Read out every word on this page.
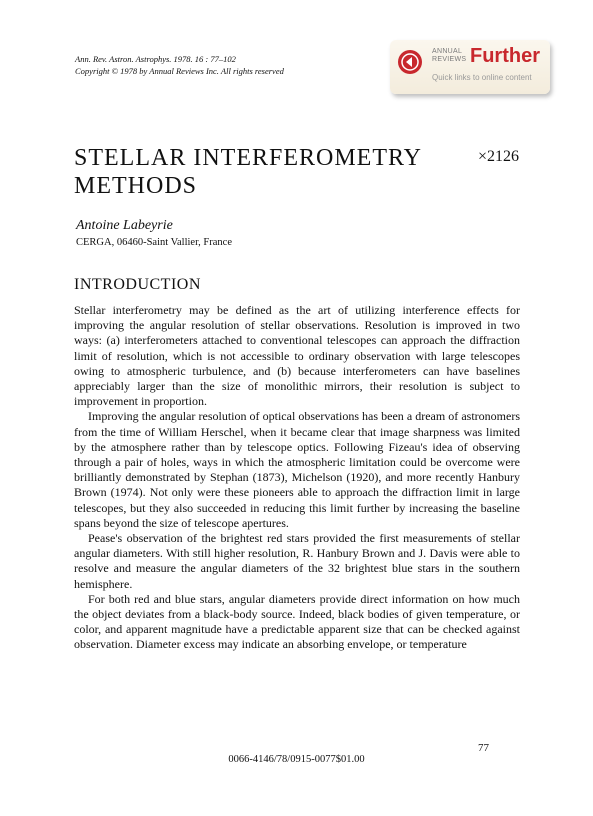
Ann. Rev. Astron. Astrophys. 1978. 16 : 77–102
Copyright © 1978 by Annual Reviews Inc. All rights reserved
ANNUAL
REVIEWS Further
Quick links to online content
STELLAR INTERFEROMETRY METHODS
×2126
Antoine Labeyrie
CERGA, 06460-Saint Vallier, France
INTRODUCTION

Stellar interferometry may be defined as the art of utilizing interference effects for improving the angular resolution of stellar observations. Resolution is improved in two ways: (a) interferometers attached to conventional telescopes can approach the diffraction limit of resolution, which is not accessible to ordinary observation with large telescopes owing to atmospheric turbulence, and (b) because interferometers can have baselines appreciably larger than the size of monolithic mirrors, their resolution is subject to improvement in proportion.

Improving the angular resolution of optical observations has been a dream of astronomers from the time of William Herschel, when it became clear that image sharpness was limited by the atmosphere rather than by telescope optics. Following Fizeau's idea of observing through a pair of holes, ways in which the atmospheric limitation could be overcome were brilliantly demonstrated by Stephan (1873), Michelson (1920), and more recently Hanbury Brown (1974). Not only were these pioneers able to approach the diffraction limit in large telescopes, but they also succeeded in reducing this limit further by increasing the baseline spans beyond the size of telescope apertures.

Pease's observation of the brightest red stars provided the first measurements of stellar angular diameters. With still higher resolution, R. Hanbury Brown and J. Davis were able to resolve and measure the angular diameters of the 32 brightest blue stars in the southern hemisphere.

For both red and blue stars, angular diameters provide direct information on how much the object deviates from a black-body source. Indeed, black bodies of given temperature, or color, and apparent magnitude have a predictable apparent size that can be checked against observation. Diameter excess may indicate an absorbing envelope, or temperature

77
0066-4146/78/0915-0077$01.00
